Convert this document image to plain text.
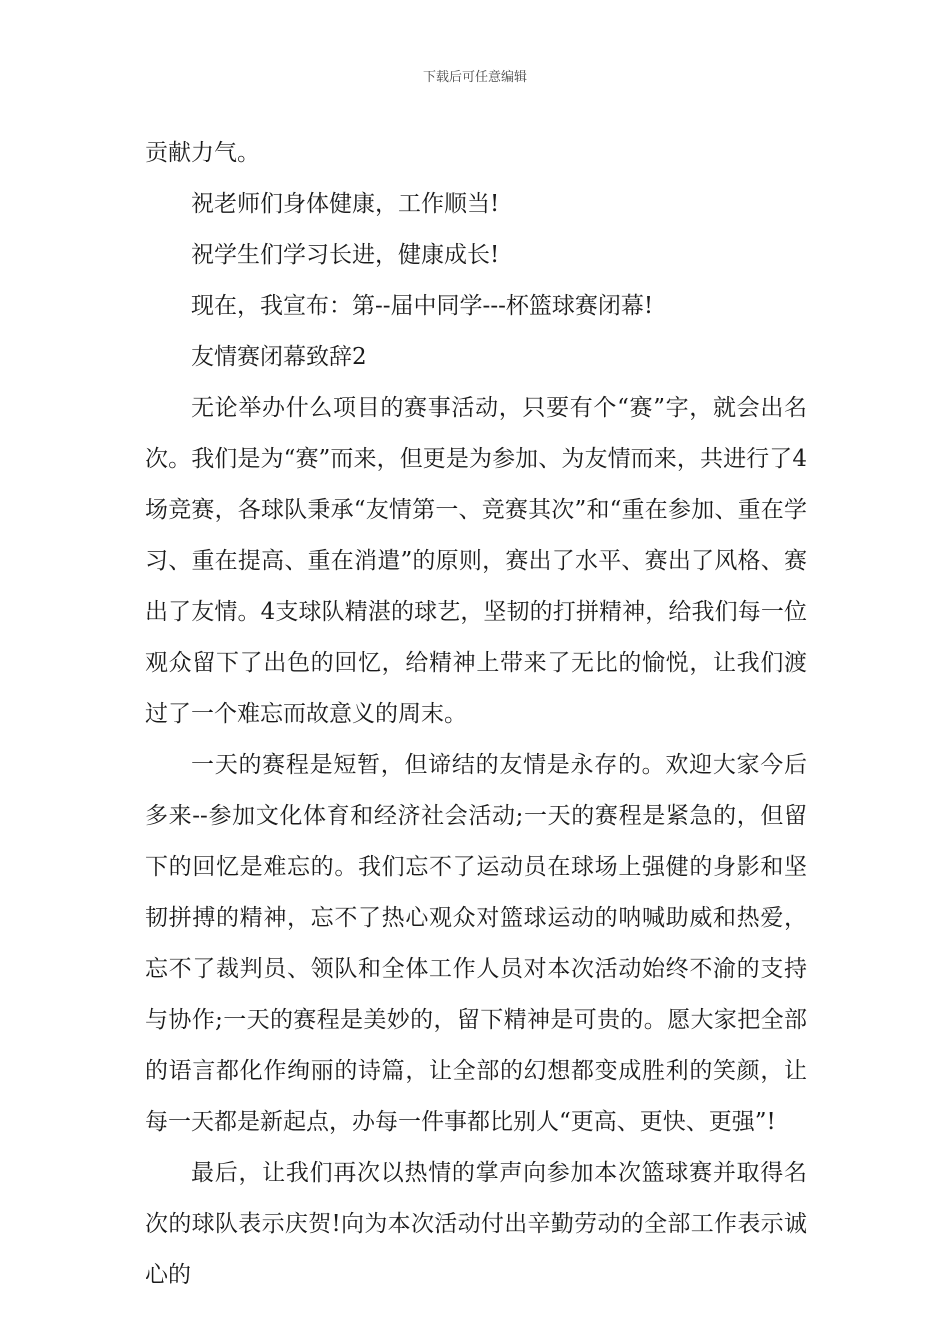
下载后可任意编辑

贡献力气。

祝老师们身体健康，工作顺当!

祝学生们学习长进，健康成长!

现在，我宣布：第--届中同学---杯篮球赛闭幕!

友情赛闭幕致辞2

无论举办什么项目的赛事活动，只要有个“赛”字，就会出名次。我们是为“赛”而来，但更是为参加、为友情而来，共进行了4场竞赛，各球队秉承“友情第一、竞赛其次”和“重在参加、重在学习、重在提高、重在消遣”的原则，赛出了水平、赛出了风格、赛出了友情。4支球队精湛的球艺，坚韧的打拼精神，给我们每一位观众留下了出色的回忆，给精神上带来了无比的愉悦，让我们渡过了一个难忘而故意义的周末。

一天的赛程是短暂，但谛结的友情是永存的。欢迎大家今后多来--参加文化体育和经济社会活动;一天的赛程是紧急的，但留下的回忆是难忘的。我们忘不了运动员在球场上强健的身影和坚韧拼搏的精神，忘不了热心观众对篮球运动的呐喊助威和热爱，忘不了裁判员、领队和全体工作人员对本次活动始终不渝的支持与协作;一天的赛程是美妙的，留下精神是可贵的。愿大家把全部的语言都化作绚丽的诗篇，让全部的幻想都变成胜利的笑颜，让每一天都是新起点，办每一件事都比别人“更高、更快、更强”!

最后，让我们再次以热情的掌声向参加本次篮球赛并取得名次的球队表示庆贺!向为本次活动付出辛勤劳动的全部工作表示诚心的
